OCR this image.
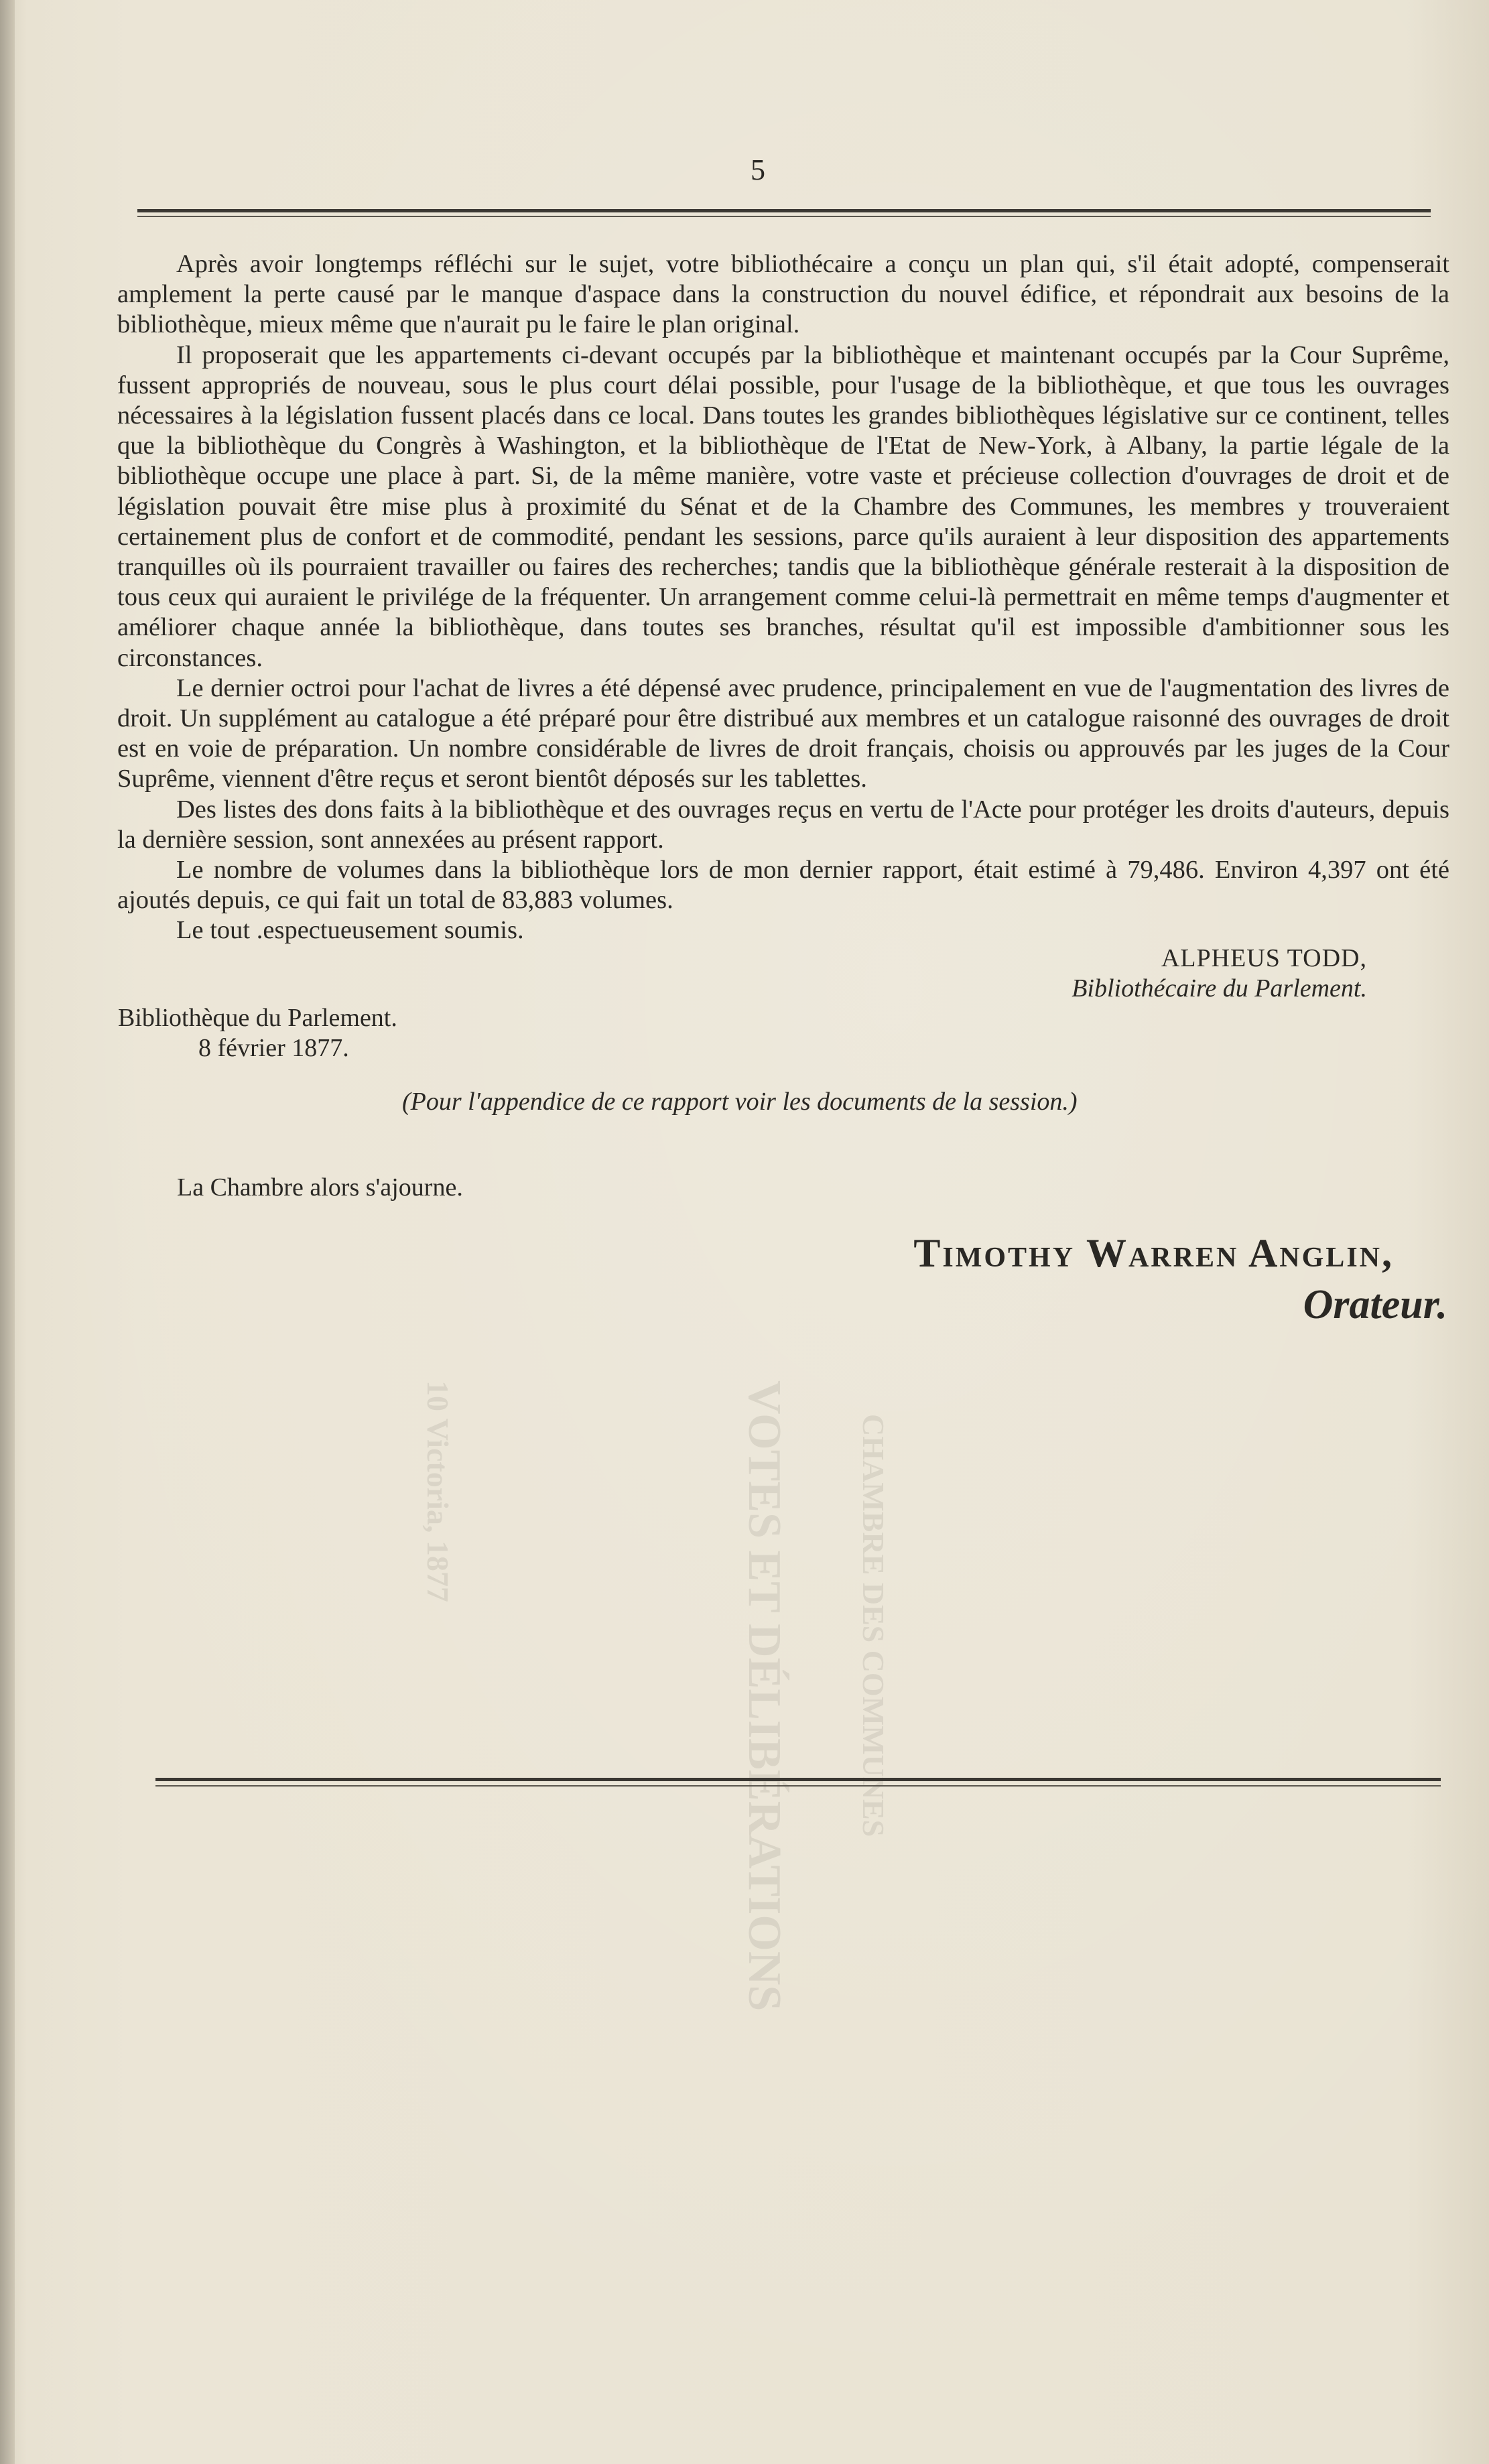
VOTES ET DÉLIBÉRATIONS CHAMBRE DES COMMUNES
10 Victoria, 1877
5

Après avoir longtemps réfléchi sur le sujet, votre bibliothécaire a conçu un plan qui, s'il était adopté, compenserait amplement la perte causé par le manque d'aspace dans la construction du nouvel édifice, et répondrait aux besoins de la bibliothèque, mieux même que n'aurait pu le faire le plan original.

Il proposerait que les appartements ci-devant occupés par la bibliothèque et maintenant occupés par la Cour Suprême, fussent appropriés de nouveau, sous le plus court délai possible, pour l'usage de la bibliothèque, et que tous les ouvrages nécessaires à la législation fussent placés dans ce local. Dans toutes les grandes bibliothèques législative sur ce continent, telles que la bibliothèque du Congrès à Washington, et la bibliothèque de l'Etat de New-York, à Albany, la partie légale de la bibliothèque occupe une place à part. Si, de la même manière, votre vaste et précieuse collection d'ouvrages de droit et de législation pouvait être mise plus à proximité du Sénat et de la Chambre des Communes, les membres y trouveraient certainement plus de confort et de commodité, pendant les sessions, parce qu'ils auraient à leur disposition des appartements tranquilles où ils pourraient travailler ou faires des recherches; tandis que la bibliothèque générale resterait à la disposition de tous ceux qui auraient le privilége de la fréquenter. Un arrangement comme celui-là permettrait en même temps d'augmenter et améliorer chaque année la bibliothèque, dans toutes ses branches, résultat qu'il est impossible d'ambitionner sous les circonstances.

Le dernier octroi pour l'achat de livres a été dépensé avec prudence, principalement en vue de l'augmentation des livres de droit. Un supplément au catalogue a été préparé pour être distribué aux membres et un catalogue raisonné des ouvrages de droit est en voie de préparation. Un nombre considérable de livres de droit français, choisis ou approuvés par les juges de la Cour Suprême, viennent d'être reçus et seront bientôt déposés sur les tablettes.

Des listes des dons faits à la bibliothèque et des ouvrages reçus en vertu de l'Acte pour protéger les droits d'auteurs, depuis la dernière session, sont annexées au présent rapport.

Le nombre de volumes dans la bibliothèque lors de mon dernier rapport, était estimé à 79,486. Environ 4,397 ont été ajoutés depuis, ce qui fait un total de 83,883 volumes.

Le tout .espectueusement soumis.

ALPHEUS TODD,
Bibliothécaire du Parlement.
Bibliothèque du Parlement.
8 février 1877.
(Pour l'appendice de ce rapport voir les documents de la session.)
La Chambre alors s'ajourne.
Timothy Warren Anglin,
Orateur.
